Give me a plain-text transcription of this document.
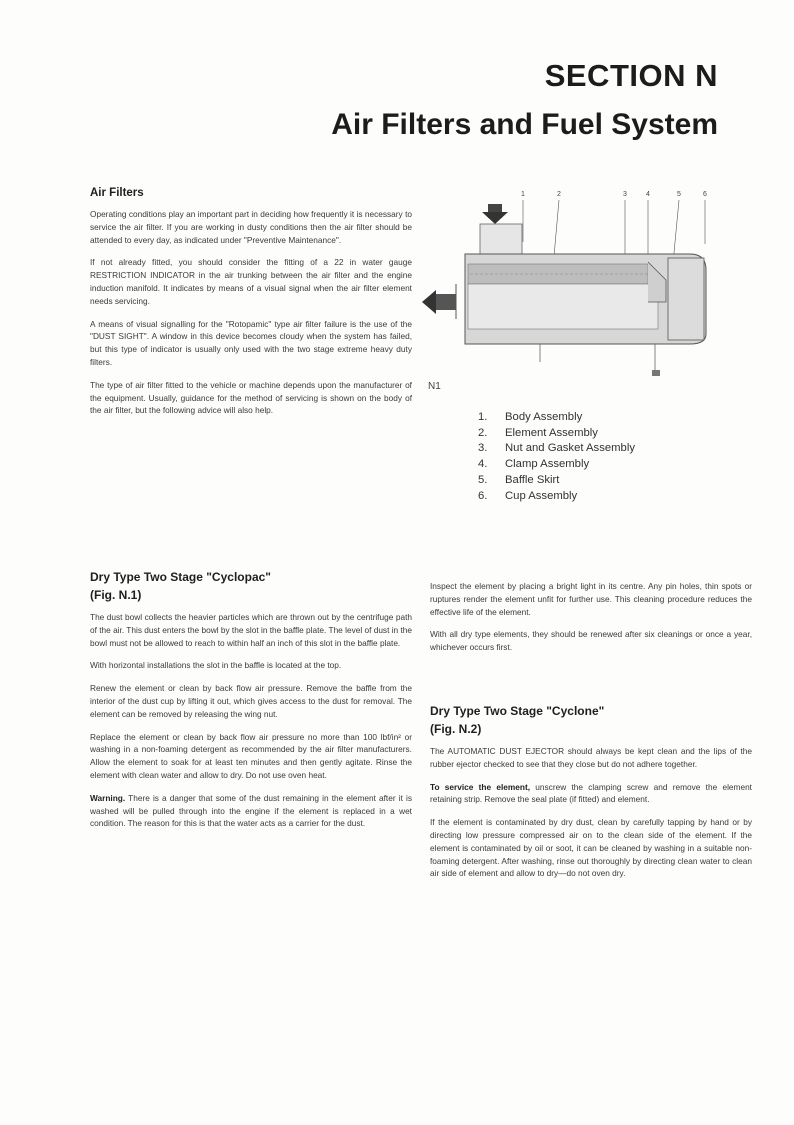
SECTION N
Air Filters and Fuel System
Air Filters

Operating conditions play an important part in deciding how frequently it is necessary to service the air filter. If you are working in dusty conditions then the air filter should be attended to every day, as indicated under "Preventive Maintenance".

If not already fitted, you should consider the fitting of a 22 in water gauge RESTRICTION INDICATOR in the air trunking between the air filter and the engine induction manifold. It indicates by means of a visual signal when the air filter element needs servicing.

A means of visual signalling for the "Rotopamic" type air filter failure is the use of the "DUST SIGHT". A window in this device becomes cloudy when the system has failed, but this type of indicator is usually only used with the two stage extreme heavy duty filters.

The type of air filter fitted to the vehicle or machine depends upon the manufacturer of the equipment. Usually, guidance for the method of servicing is shown on the body of the air filter, but the following advice will also help.

1	2	3	4	5	6
N1
1.	Body Assembly
2.	Element Assembly
3.	Nut and Gasket Assembly
4.	Clamp Assembly
5.	Baffle Skirt
6.	Cup Assembly
Dry Type Two Stage "Cyclopac"
(Fig. N.1)

The dust bowl collects the heavier particles which are thrown out by the centrifuge path of the air. This dust enters the bowl by the slot in the baffle plate. The level of dust in the bowl must not be allowed to reach to within half an inch of this slot in the baffle plate.

With horizontal installations the slot in the baffle is located at the top.

Renew the element or clean by back flow air pressure. Remove the baffle from the interior of the dust cup by lifting it out, which gives access to the dust for removal. The element can be removed by releasing the wing nut.

Replace the element or clean by back flow air pressure no more than 100 lbf/in² or washing in a non-foaming detergent as recommended by the air filter manufacturers. Allow the element to soak for at least ten minutes and then gently agitate. Rinse the element with clean water and allow to dry. Do not use oven heat.

Warning. There is a danger that some of the dust remaining in the element after it is washed will be pulled through into the engine if the element is replaced in a wet condition. The reason for this is that the water acts as a carrier for the dust.

Inspect the element by placing a bright light in its centre. Any pin holes, thin spots or ruptures render the element unfit for further use. This cleaning procedure reduces the effective life of the element.

With all dry type elements, they should be renewed after six cleanings or once a year, whichever occurs first.

Dry Type Two Stage "Cyclone"
(Fig. N.2)

The AUTOMATIC DUST EJECTOR should always be kept clean and the lips of the rubber ejector checked to see that they close but do not adhere together.

To service the element, unscrew the clamping screw and remove the element retaining strip. Remove the seal plate (if fitted) and element.

If the element is contaminated by dry dust, clean by carefully tapping by hand or by directing low pressure compressed air on to the clean side of the element. If the element is contaminated by oil or soot, it can be cleaned by washing in a suitable non-foaming detergent. After washing, rinse out thoroughly by directing clean water to clean air side of element and allow to dry—do not oven dry.
